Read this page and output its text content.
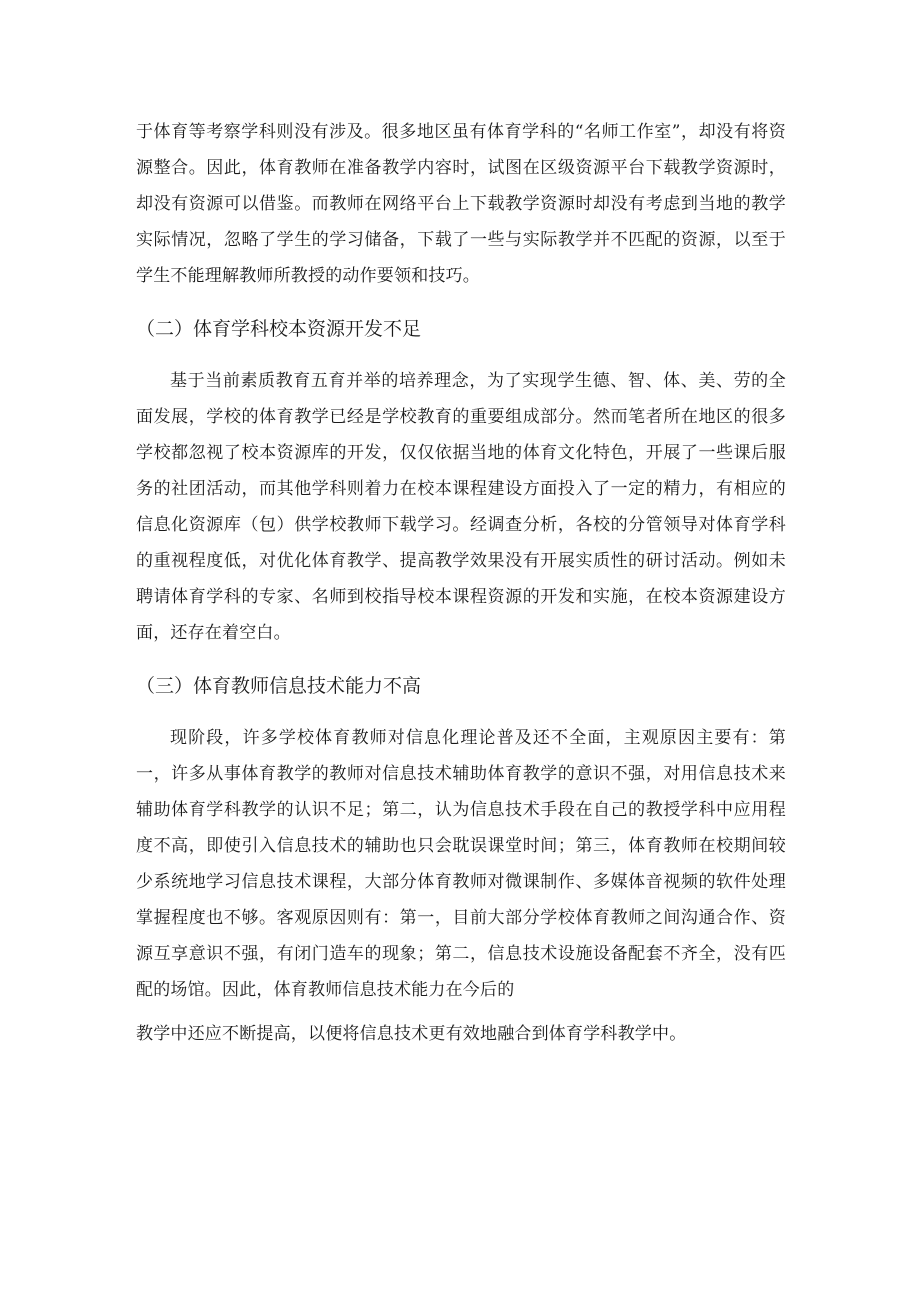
于体育等考察学科则没有涉及。很多地区虽有体育学科的“名师工作室”，却没有将资源整合。因此，体育教师在准备教学内容时，试图在区级资源平台下载教学资源时，却没有资源可以借鉴。而教师在网络平台上下载教学资源时却没有考虑到当地的教学实际情况，忽略了学生的学习储备，下载了一些与实际教学并不匹配的资源，以至于学生不能理解教师所教授的动作要领和技巧。

（二）体育学科校本资源开发不足

基于当前素质教育五育并举的培养理念，为了实现学生德、智、体、美、劳的全面发展，学校的体育教学已经是学校教育的重要组成部分。然而笔者所在地区的很多学校都忽视了校本资源库的开发，仅仅依据当地的体育文化特色，开展了一些课后服务的社团活动，而其他学科则着力在校本课程建设方面投入了一定的精力，有相应的信息化资源库（包）供学校教师下载学习。经调查分析，各校的分管领导对体育学科的重视程度低，对优化体育教学、提高教学效果没有开展实质性的研讨活动。例如未聘请体育学科的专家、名师到校指导校本课程资源的开发和实施，在校本资源建设方面，还存在着空白。

（三）体育教师信息技术能力不高

现阶段，许多学校体育教师对信息化理论普及还不全面，主观原因主要有：第一，许多从事体育教学的教师对信息技术辅助体育教学的意识不强，对用信息技术来辅助体育学科教学的认识不足；第二，认为信息技术手段在自己的教授学科中应用程度不高，即使引入信息技术的辅助也只会耽误课堂时间；第三，体育教师在校期间较少系统地学习信息技术课程，大部分体育教师对微课制作、多媒体音视频的软件处理掌握程度也不够。客观原因则有：第一，目前大部分学校体育教师之间沟通合作、资源互享意识不强，有闭门造车的现象；第二，信息技术设施设备配套不齐全，没有匹配的场馆。因此，体育教师信息技术能力在今后的

教学中还应不断提高，以便将信息技术更有效地融合到体育学科教学中。
